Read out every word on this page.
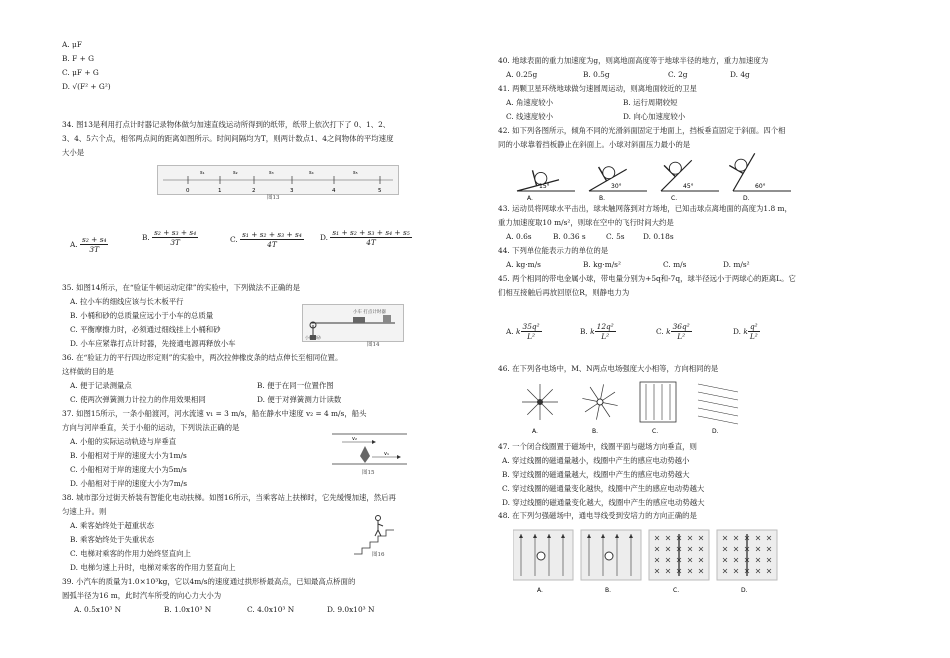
A. μF
B. F + G
C. μF + G
D. √(F² + G²)
34. 图13是利用打点计时器记录物体做匀加速直线运动所得到的纸带，纸带上依次打下了 0、1、2、
3、4、5六个点，相邻两点间的距离如图所示。时间间隔均为T，则两计数点1、4之间物体的平均速度
大小是
0	1	2	3	4	5
s₁	s₂	s₃	s₄	s₅
图13
A. $\frac{\text{s₂ + s₄}}{3T}$	B. $\frac{\text{s₂ + s₃ + s₄}}{3T}$	C. $\frac{\text{s₁ + s₂ + s₃ + s₄}}{4T} D$. $\frac{\text{s₁ + s₂ + s₃ + s₄ + s₅}}{4T}$
35. 如图14所示，在“验证牛顿运动定律”的实验中，下列做法不正确的是
A. 拉小车的细线应该与长木板平行
B. 小桶和砂的总质量应远小于小车的总质量
C. 平衡摩擦力时，必须通过细线挂上小桶和砂
D. 小车应紧靠打点计时器，先接通电源再释放小车
小车 打点计时器
小桶和砂
图14
36. 在“验证力的平行四边形定则”的实验中，两次拉伸橡皮条的结点伸长至相同位置。
这样做的目的是
A. 便于记录测量点	B. 便于在同一位置作图
C. 使两次弹簧测力计拉力的作用效果相同	D. 便于对弹簧测力计读数
37. 如图15所示，一条小船渡河，河水流速 v₁ = 3 m/s，船在静水中速度 v₂ = 4 m/s，船头
方向与河岸垂直，关于小船的运动，下列说法正确的是
A. 小船的实际运动轨迹与岸垂直
B. 小船相对于岸的速度大小为1m/s
C. 小船相对于岸的速度大小为5m/s
D. 小船相对于岸的速度大小为7m/s
v₂
v₁
图15
38. 城市部分过街天桥装有智能化电动扶梯。如图16所示，当乘客站上扶梯时，它先缓慢加速，然后再
匀速上升。则
A. 乘客始终处于超重状态
B. 乘客始终处于失重状态
C. 电梯对乘客的作用力始终竖直向上
D. 电梯匀速上升时，电梯对乘客的作用力竖直向上
图16
39. 小汽车的质量为1.0×10³kg，它以4m/s的速度通过拱形桥最高点，已知最高点桥面的
圆弧半径为16 m，此时汽车所受的向心力大小为
A. 0.5x10³ N	B. 1.0x10³ N	C. 4.0x10³ N	D. 9.0x10³ N
40. 地球表面的重力加速度为g，则离地面高度等于地球半径的地方，重力加速度为
A. 0.25g	B. 0.5g	C. 2g	D. 4g
41. 两颗卫星环绕地球做匀速圆周运动，则离地面较近的卫星
A. 角速度较小	B. 运行周期较短
C. 线速度较小	D. 向心加速度较小
42. 如下列各图所示，倾角不同的光滑斜面固定于地面上，挡板垂直固定于斜面。四个相
同的小球靠着挡板静止在斜面上。小球对斜面压力最小的是
15°
A.
30°
B.
45°
C.
60°
D.
43. 运动员将网球水平击出，球未触网落到对方场地，已知击球点离地面的高度为1.8 m，
重力加速度取10 m/s²，则球在空中的飞行时间大约是
A. 0.6s	B. 0.36 s	C. 5s D. 0.18s
44. 下列单位能表示力的单位的是
A. kg·m/s	B. kg·m/s²	C. m/s	D. m/s²
45. 两个相同的带电金属小球，带电量分别为+5q和-7q，球半径远小于两球心的距离L。它
们相互接触后再放回原位R，则静电力为
A. k $\frac{\text{35q²}}{\text{L²}}$	B. k $\frac{\text{12q²}}{\text{L²}}$	C. k $\frac{\text{36q²}}{\text{L²}}$	D. k $\frac{\text{q²}}{\text{L²}}$
46. 在下列各电场中，M、N两点电场强度大小相等，方向相同的是
A.	B.	C.	D.
47. 一个闭合线圈置于磁场中，线圈平面与磁场方向垂直，则
A. 穿过线圈的磁通量越小，线圈中产生的感应电动势越小
B. 穿过线圈的磁通量越大，线圈中产生的感应电动势越大
C. 穿过线圈的磁通量变化越快，线圈中产生的感应电动势越大
D. 穿过线圈的磁通量变化越大，线圈中产生的感应电动势越大
48. 在下列匀强磁场中，通电导线受到安培力的方向正确的是
A.	B.	C.	D.
